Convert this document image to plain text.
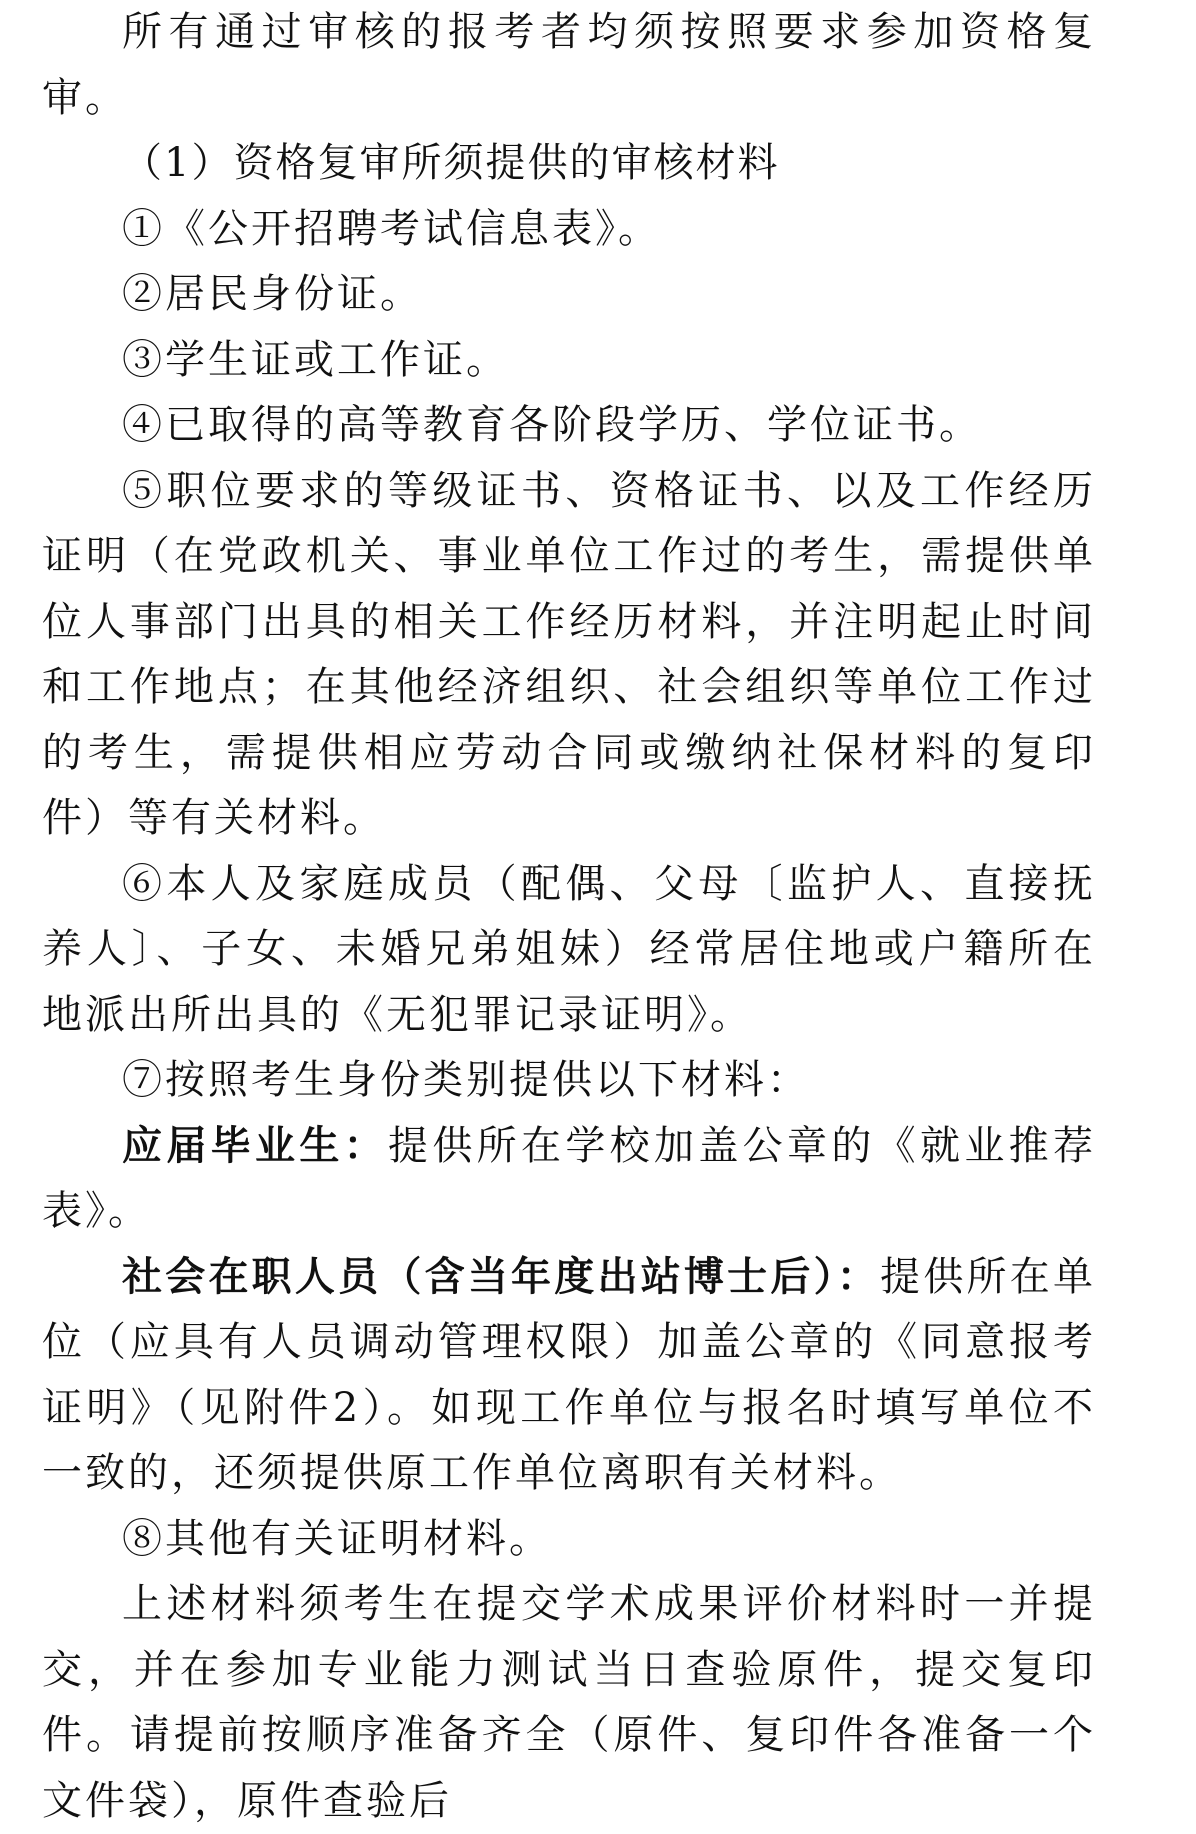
所有通过审核的报考者均须按照要求参加资格复审。

（1）资格复审所须提供的审核材料

①《公开招聘考试信息表》。

②居民身份证。

③学生证或工作证。

④已取得的高等教育各阶段学历、学位证书。

⑤职位要求的等级证书、资格证书、以及工作经历证明（在党政机关、事业单位工作过的考生，需提供单位人事部门出具的相关工作经历材料，并注明起止时间和工作地点；在其他经济组织、社会组织等单位工作过的考生，需提供相应劳动合同或缴纳社保材料的复印件）等有关材料。

⑥本人及家庭成员（配偶、父母〔监护人、直接抚养人〕、子女、未婚兄弟姐妹）经常居住地或户籍所在地派出所出具的《无犯罪记录证明》。

⑦按照考生身份类别提供以下材料：

应届毕业生：提供所在学校加盖公章的《就业推荐表》。

社会在职人员（含当年度出站博士后）：提供所在单位（应具有人员调动管理权限）加盖公章的《同意报考证明》（见附件2）。如现工作单位与报名时填写单位不一致的，还须提供原工作单位离职有关材料。

⑧其他有关证明材料。

上述材料须考生在提交学术成果评价材料时一并提交，并在参加专业能力测试当日查验原件，提交复印件。请提前按顺序准备齐全（原件、复印件各准备一个文件袋），原件查验后
